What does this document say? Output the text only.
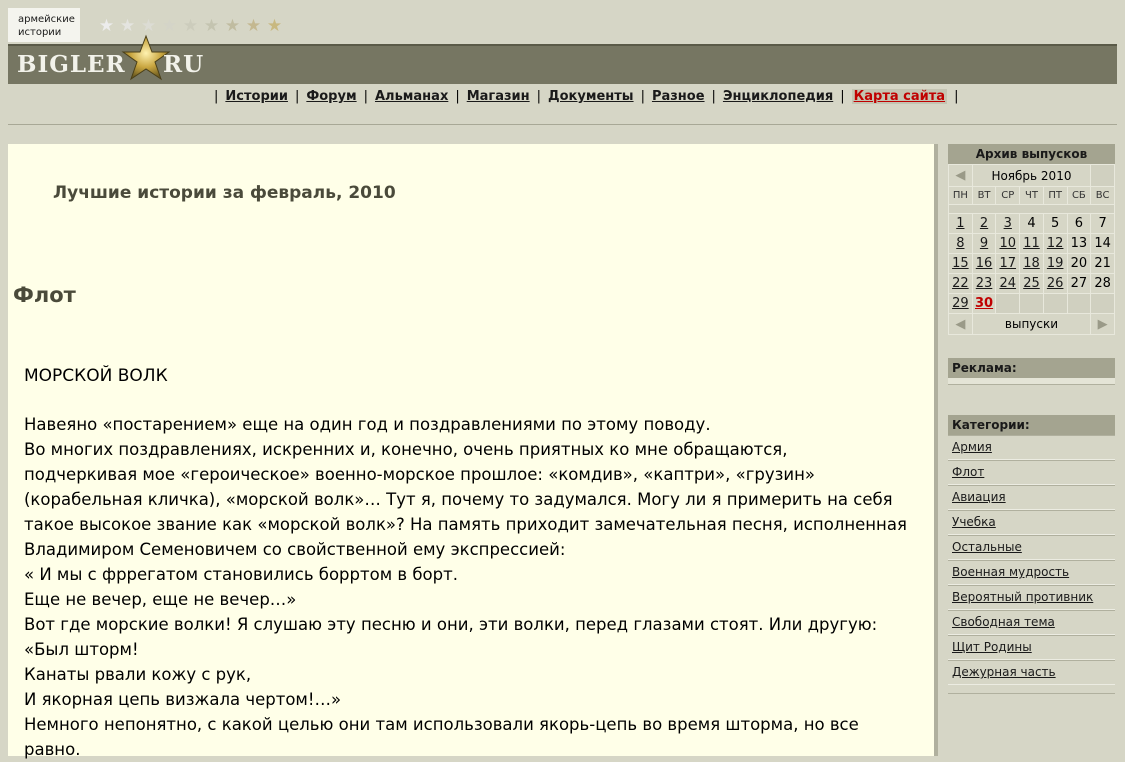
армейские
истории	★ ★ ★ ★ ★ ★ ★ ★ ★
BIGLER RU
| Истории | Форум | Альманах | Магазин | Документы | Разное | Энциклопедия | Карта сайта |
Лучшие истории за февраль, 2010
Флот
МОРСКОЙ ВОЛК

Навеяно «постарением» еще на один год и поздравлениями по этому поводу.

Во многих поздравлениях, искренних и, конечно, очень приятных ко мне обращаются,

подчеркивая мое «героическое» военно-морское прошлое: «комдив», «каптри», «грузин»

(корабельная кличка), «морской волк»… Тут я, почему то задумался. Могу ли я примерить на себя

такое высокое звание как «морской волк»? На память приходит замечательная песня, исполненная

Владимиром Семеновичем со свойственной ему экспрессией:

« И мы с фррегатом становились борртом в борт.

Еще не вечер, еще не вечер…»

Вот где морские волки! Я слушаю эту песню и они, эти волки, перед глазами стоят. Или другую:

«Был шторм!

Канаты рвали кожу с рук,

И якорная цепь визжала чертом!…»

Немного непонятно, с какой целью они там использовали якорь-цепь во время шторма, но все

равно.

Архив выпусков
◀	Ноябрь 2010					
ПН	ВТ	СР	ЧТ	ПТ	СБ	ВС

1	2	3	4	5	6	7
8	9	10	11	12	13	14
15	16	17	18	19	20	21
22	23	24	25	26	27	28
29	30					
◀	выпуски					▶
Реклама:
Категории:
Армия
Флот
Авиация
Учебка
Остальные
Военная мудрость
Вероятный противник
Свободная тема
Щит Родины
Дежурная часть
